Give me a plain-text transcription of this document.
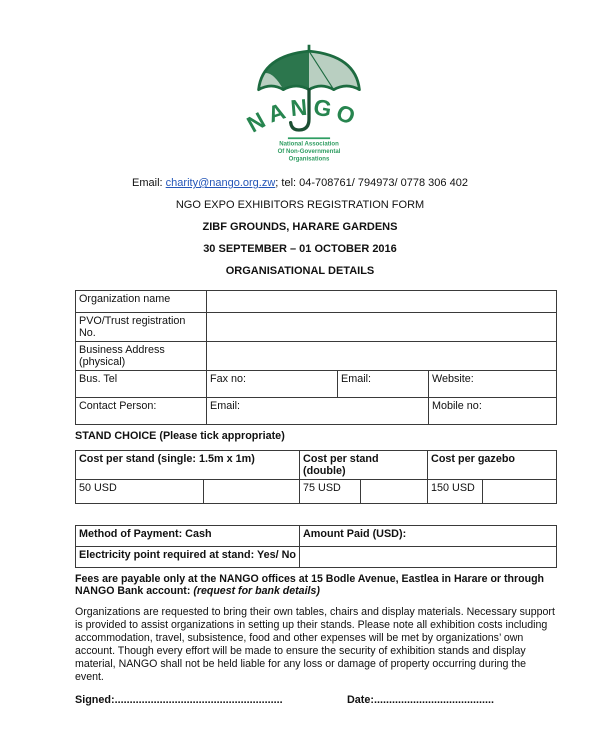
NANGO
National Association
Of Non-Governmental
Organisations
Email: charity@nango.org.zw; tel: 04-708761/ 794973/ 0778 306 402
NGO EXPO EXHIBITORS REGISTRATION FORM
ZIBF GROUNDS, HARARE GARDENS
30 SEPTEMBER – 01 OCTOBER 2016
ORGANISATIONAL DETAILS
Organization name			
PVO/Trust registration No.			
Business Address (physical)			
Bus. Tel	Fax no:	Email:	Website:
Contact Person:	Email:		Mobile no:
STAND CHOICE (Please tick appropriate)
Cost per stand (single: 1.5m x 1m)		Cost per stand (double)		Cost per gazebo	
50 USD		75 USD		150 USD	
Method of Payment: Cash	Amount Paid (USD):
Electricity point required at stand: Yes/ No	
Fees are payable only at the NANGO offices at 15 Bodle Avenue, Eastlea in Harare or through NANGO Bank account: (request for bank details)
Organizations are requested to bring their own tables, chairs and display materials. Necessary support is provided to assist organizations in setting up their stands. Please note all exhibition costs including accommodation, travel, subsistence, food and other expenses will be met by organizations’ own account. Though every effort will be made to ensure the security of exhibition stands and display material, NANGO shall not be held liable for any loss or damage of property occurring during the event.
Signed:........................................................	Date:........................................
